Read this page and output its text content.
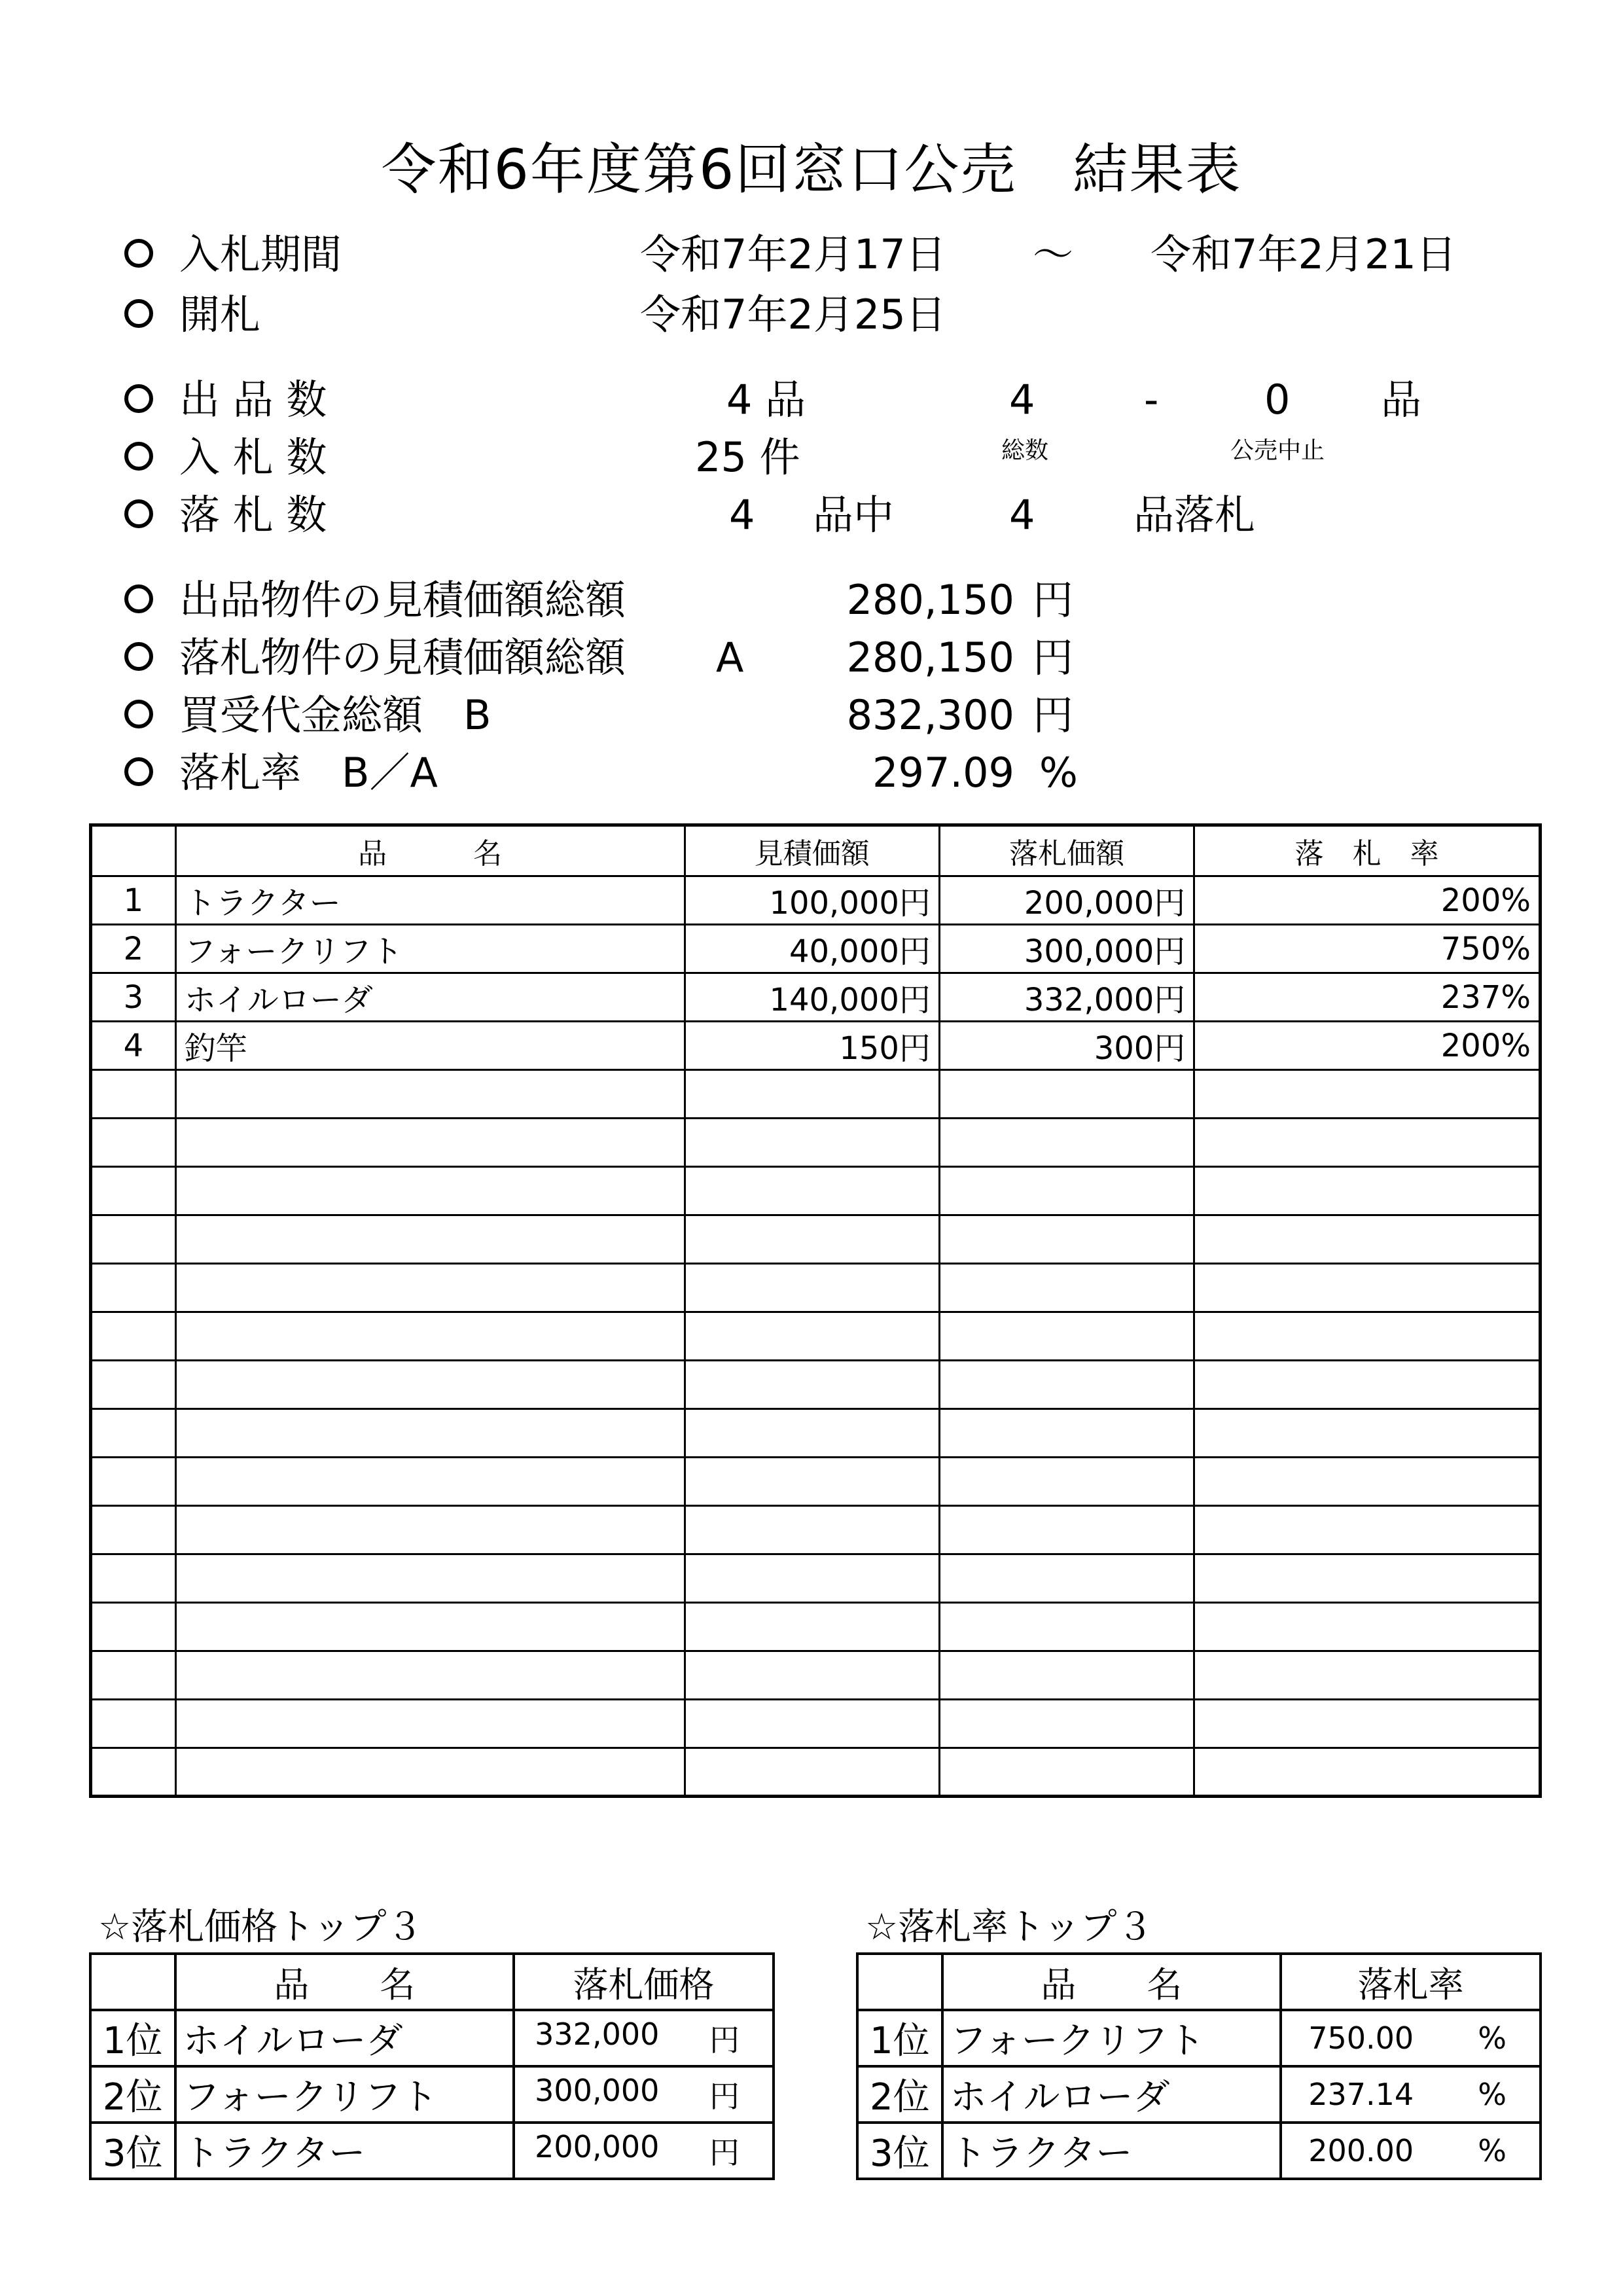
令和6年度第6回窓口公売　結果表
入札期間	令和7年2月17日 ～ 令和7年2月21日
開札	令和7年2月25日
出 品 数	4 品	4	-	0 品
総数	公売中止
入 札 数	25 件
落 札 数	4 品中	4 品落札
出品物件の見積価額総額	280,150 円
落札物件の見積価額総額 A	280,150 円
買受代金総額　B	832,300 円
落札率　B／A	297.09 %
	品　　　名	見積価額	落札価額	落　札　率
1	トラクター	100,000円	200,000円	200%
2	フォークリフト	40,000円	300,000円	750%
3	ホイルローダ	140,000円	332,000円	237%
4	釣竿	150円	300円	200%

☆落札価格トップ３
	品　　名	落札価格
1位	ホイルローダ	332,000 円

2位	フォークリフト	300,000 円

3位	トラクター	200,000 円
☆落札率トップ３
	品　　名	落札率
1位	フォークリフト	750.00 %

2位	ホイルローダ	237.14 %

3位	トラクター	200.00 %
